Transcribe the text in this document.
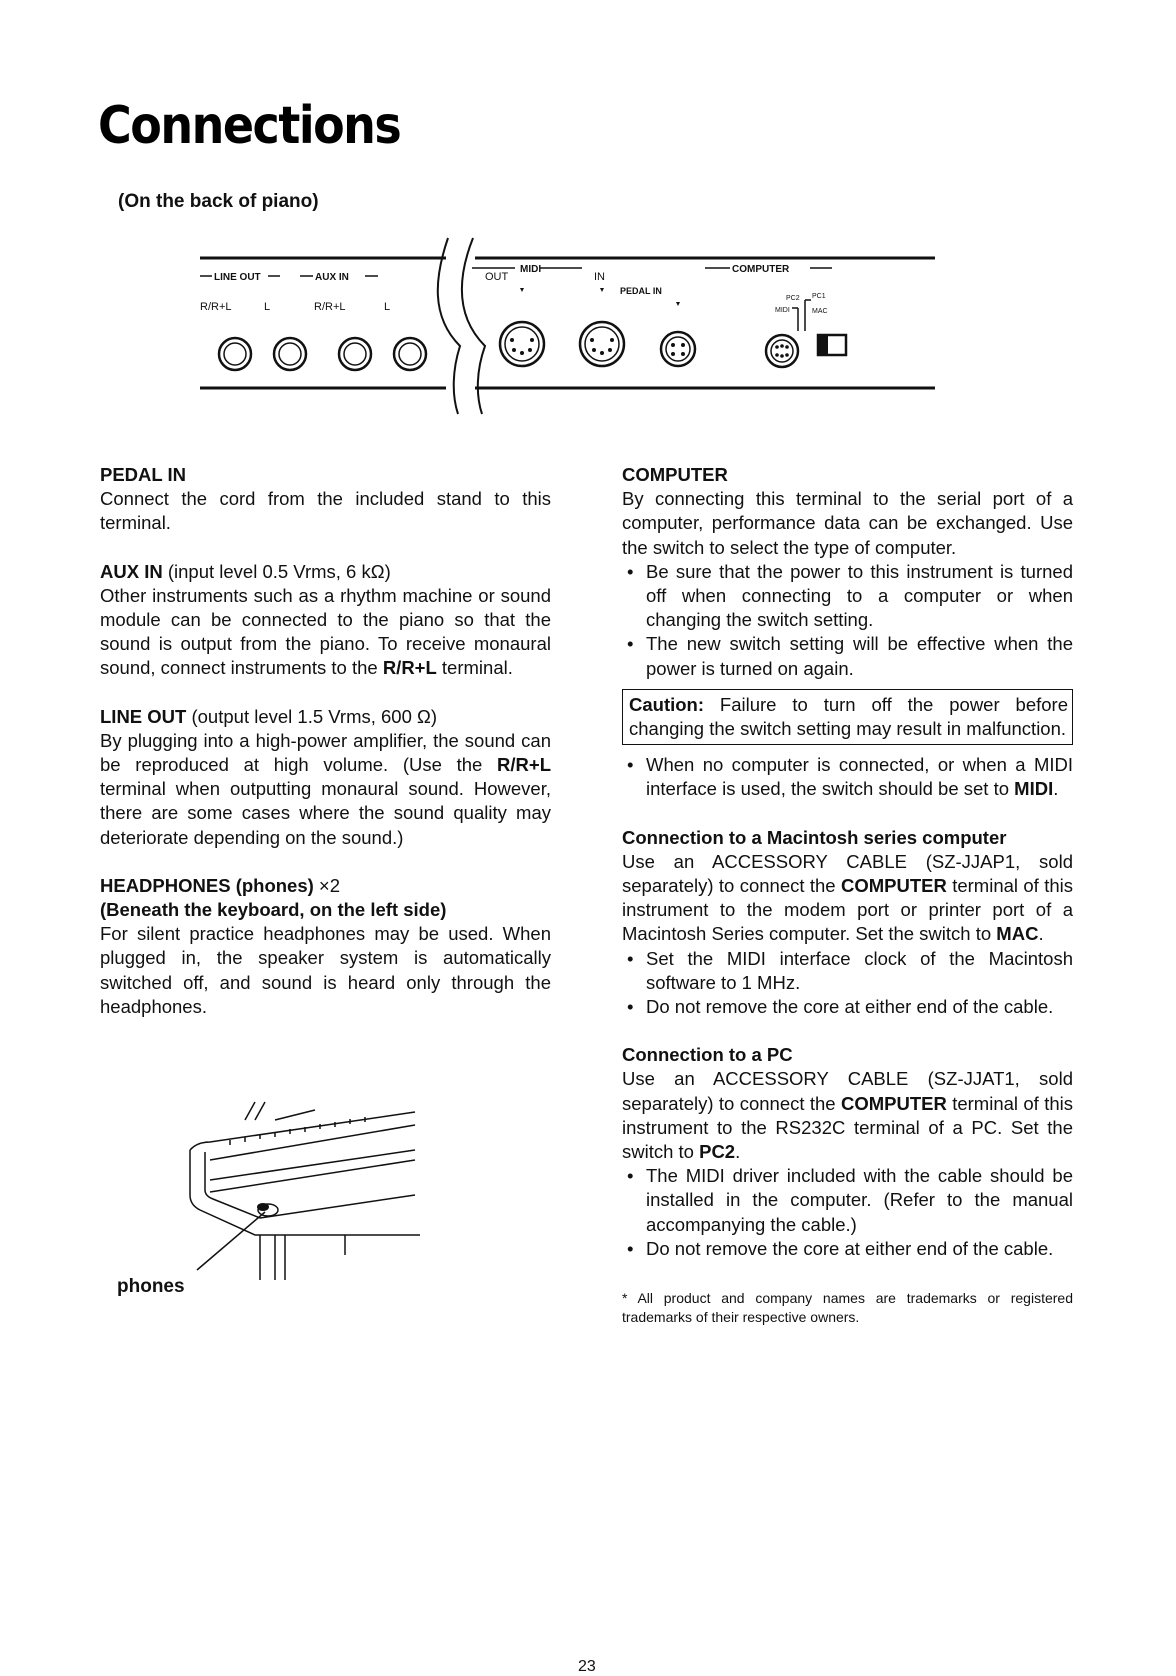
Connections
(On the back of piano)
LINE OUT	AUX IN
MIDI	COMPUTER
PEDAL IN
OUT	IN
R/R+L	L	R/R+L	L
PC2
MIDI
PC1
MAC

PEDAL IN

Connect the cord from the included stand to this terminal.

AUX IN (input level 0.5 Vrms, 6 kΩ)

Other instruments such as a rhythm machine or sound module can be connected to the piano so that the sound is output from the piano. To receive monaural sound, connect instruments to the R/R+L terminal.

LINE OUT (output level 1.5 Vrms, 600 Ω)

By plugging into a high-power amplifier, the sound can be reproduced at high volume. (Use the R/R+L terminal when outputting monaural sound. However, there are some cases where the sound quality may deteriorate depending on the sound.)

HEADPHONES (phones) ×2

(Beneath the keyboard, on the left side)

For silent practice headphones may be used. When plugged in, the speaker system is automatically switched off, and sound is heard only through the headphones.

phones

COMPUTER

By connecting this terminal to the serial port of a computer, performance data can be exchanged. Use the switch to select the type of computer.

• Be sure that the power to this instrument is turned off when connecting to a computer or when changing the switch setting.
• The new switch setting will be effective when the power is turned on again.
Caution: Failure to turn off the power before changing the switch setting may result in malfunction.
• When no computer is connected, or when a MIDI interface is used, the switch should be set to MIDI.

Connection to a Macintosh series computer

Use an ACCESSORY CABLE (SZ-JJAP1, sold separately) to connect the COMPUTER terminal of this instrument to the modem port or printer port of a Macintosh Series computer. Set the switch to MAC.

• Set the MIDI interface clock of the Macintosh software to 1 MHz.
• Do not remove the core at either end of the cable.

Connection to a PC

Use an ACCESSORY CABLE (SZ-JJAT1, sold separately) to connect the COMPUTER terminal of this instrument to the RS232C terminal of a PC. Set the switch to PC2.

• The MIDI driver included with the cable should be installed in the computer. (Refer to the manual accompanying the cable.)
• Do not remove the core at either end of the cable.

* All product and company names are trademarks or registered trademarks of their respective owners.

23
